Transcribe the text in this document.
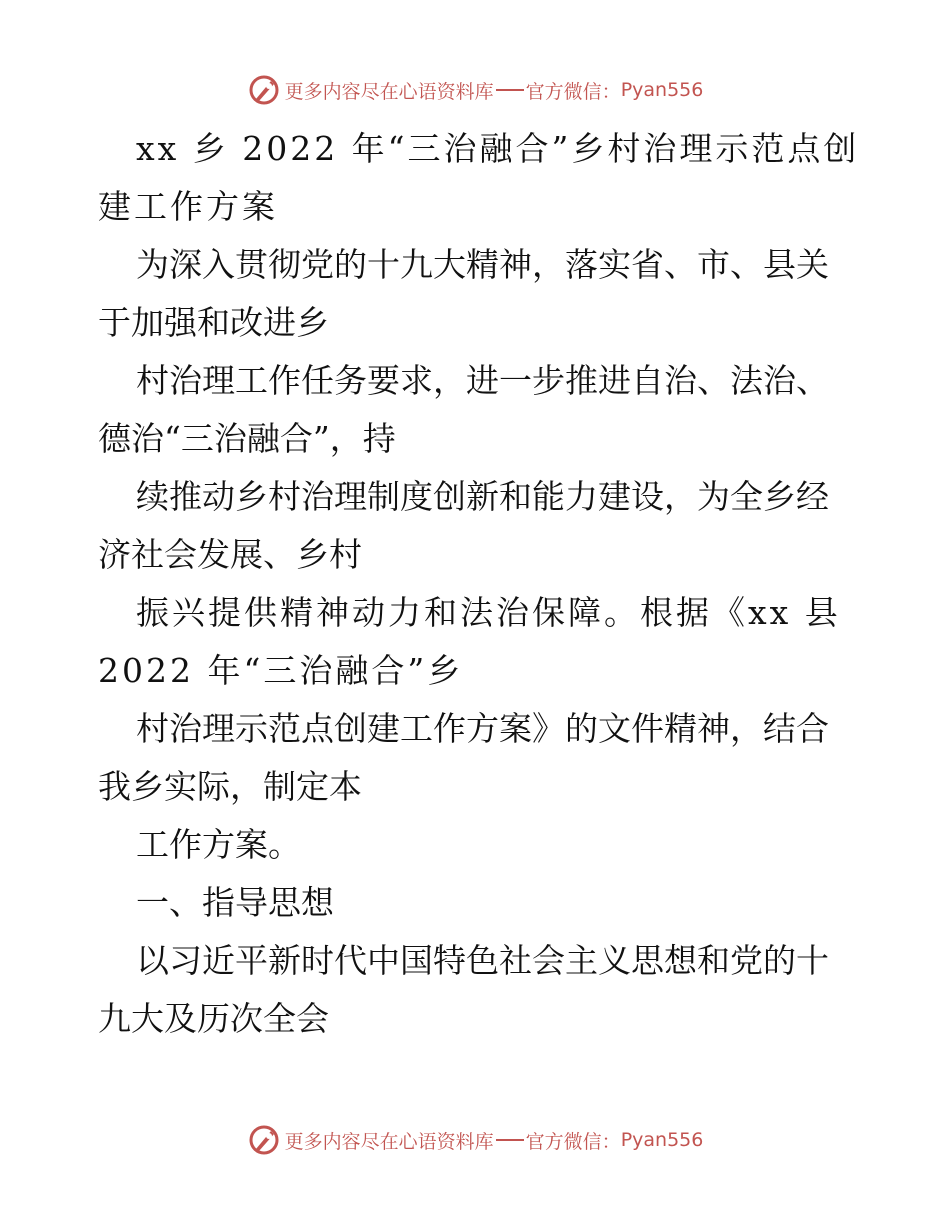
更多内容尽在心语资料库 官方微信： Pyan556
xx 乡 2022 年“三治融合”乡村治理示范点创
建工作方案
为深入贯彻党的十九大精神，落实省、市、县关
于加强和改进乡
村治理工作任务要求，进一步推进自治、法治、
德治“三治融合”，持
续推动乡村治理制度创新和能力建设，为全乡经
济社会发展、乡村
振兴提供精神动力和法治保障。根据《xx 县
2022 年“三治融合”乡
村治理示范点创建工作方案》的文件精神，结合
我乡实际，制定本
工作方案。
一、指导思想
以习近平新时代中国特色社会主义思想和党的十
九大及历次全会
更多内容尽在心语资料库 官方微信： Pyan556
